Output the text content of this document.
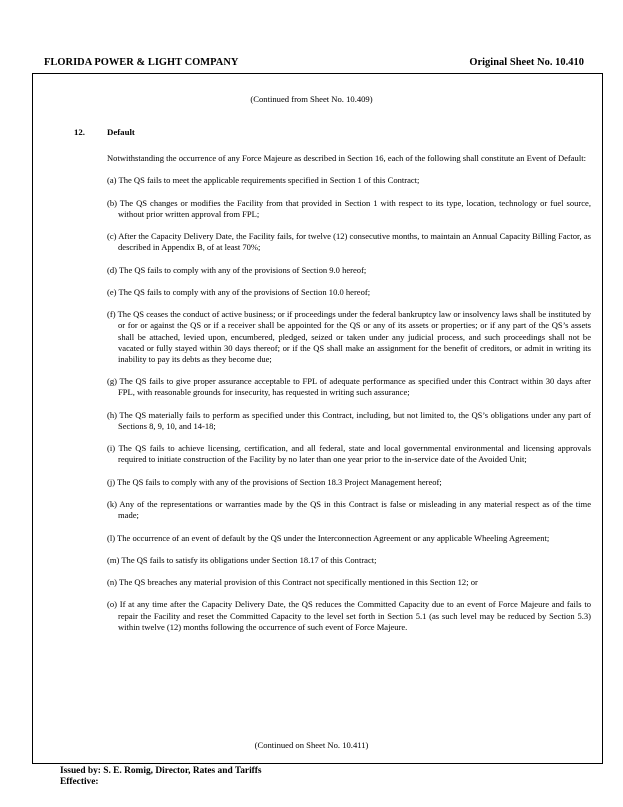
FLORIDA POWER & LIGHT COMPANY	Original Sheet No. 10.410
(Continued from Sheet No. 10.409)
12.	Default

Notwithstanding the occurrence of any Force Majeure as described in Section 16, each of the following shall constitute an Event of Default:

(a) The QS fails to meet the applicable requirements specified in Section 1 of this Contract;

(b) The QS changes or modifies the Facility from that provided in Section 1 with respect to its type, location, technology or fuel source, without prior written approval from FPL;

(c) After the Capacity Delivery Date, the Facility fails, for twelve (12) consecutive months, to maintain an Annual Capacity Billing Factor, as described in Appendix B, of at least 70%;

(d) The QS fails to comply with any of the provisions of Section 9.0 hereof;

(e) The QS fails to comply with any of the provisions of Section 10.0 hereof;

(f) The QS ceases the conduct of active business; or if proceedings under the federal bankruptcy law or insolvency laws shall be instituted by or for or against the QS or if a receiver shall be appointed for the QS or any of its assets or properties; or if any part of the QS’s assets shall be attached, levied upon, encumbered, pledged, seized or taken under any judicial process, and such proceedings shall not be vacated or fully stayed within 30 days thereof; or if the QS shall make an assignment for the benefit of creditors, or admit in writing its inability to pay its debts as they become due;

(g) The QS fails to give proper assurance acceptable to FPL of adequate performance as specified under this Contract within 30 days after FPL, with reasonable grounds for insecurity, has requested in writing such assurance;

(h) The QS materially fails to perform as specified under this Contract, including, but not limited to, the QS’s obligations under any part of Sections 8, 9, 10, and 14-18;

(i) The QS fails to achieve licensing, certification, and all federal, state and local governmental environmental and licensing approvals required to initiate construction of the Facility by no later than one year prior to the in-service date of the Avoided Unit;

(j) The QS fails to comply with any of the provisions of Section 18.3 Project Management hereof;

(k) Any of the representations or warranties made by the QS in this Contract is false or misleading in any material respect as of the time made;

(l) The occurrence of an event of default by the QS under the Interconnection Agreement or any applicable Wheeling Agreement;

(m) The QS fails to satisfy its obligations under Section 18.17 of this Contract;

(n) The QS breaches any material provision of this Contract not specifically mentioned in this Section 12; or

(o) If at any time after the Capacity Delivery Date, the QS reduces the Committed Capacity due to an event of Force Majeure and fails to repair the Facility and reset the Committed Capacity to the level set forth in Section 5.1 (as such level may be reduced by Section 5.3) within twelve (12) months following the occurrence of such event of Force Majeure.

(Continued on Sheet No. 10.411)
Issued by: S. E. Romig, Director, Rates and Tariffs
Effective:
